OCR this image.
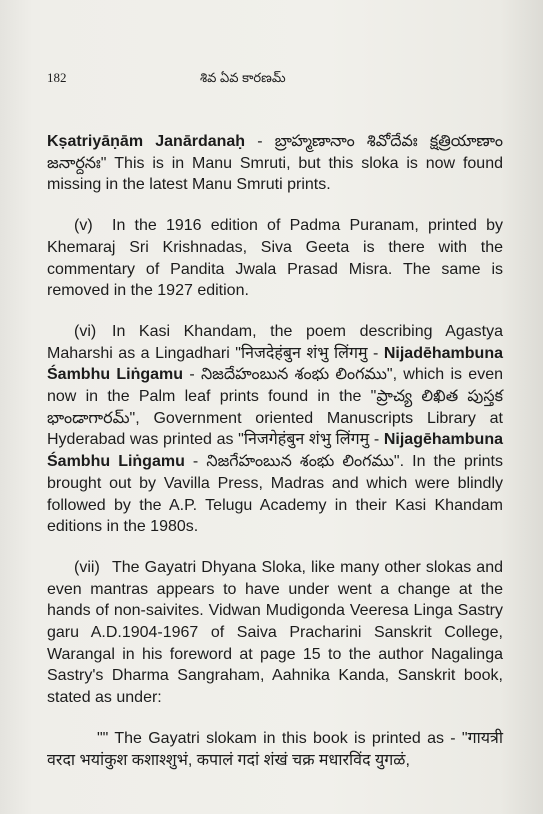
182	శివ ఏవ కారణమ్

Kṣatriyāṇām Janārdanaḥ - బ్రాహ్మణానాం శివోదేవః క్షత్రియాణాం జనార్దనః" This is in Manu Smruti, but this sloka is now found missing in the latest Manu Smruti prints.

(v) In the 1916 edition of Padma Puranam, printed by Khemaraj Sri Krishnadas, Siva Geeta is there with the commentary of Pandita Jwala Prasad Misra. The same is removed in the 1927 edition.

(vi) In Kasi Khandam, the poem describing Agastya Maharshi as a Lingadhari "निजदेहंबुन शंभु लिंगमु - Nijadēhambuna Śambhu Liṅgamu - నిజదేహంబున శంభు లింగము", which is even now in the Palm leaf prints found in the "ప్రాచ్య లిఖిత పుస్తక భాండాగారమ్", Government oriented Manuscripts Library at Hyderabad was printed as "निजगेहंबुन शंभु लिंगमु - Nijagēhambuna Śambhu Liṅgamu - నిజగేహంబున శంభు లింగము". In the prints brought out by Vavilla Press, Madras and which were blindly followed by the A.P. Telugu Academy in their Kasi Khandam editions in the 1980s.

(vii) The Gayatri Dhyana Sloka, like many other slokas and even mantras appears to have under went a change at the hands of non-saivites. Vidwan Mudigonda Veeresa Linga Sastry garu A.D.1904-1967 of Saiva Pracharini Sanskrit College, Warangal in his foreword at page 15 to the author Nagalinga Sastry's Dharma Sangraham, Aahnika Kanda, Sanskrit book, stated as under:

"" The Gayatri slokam in this book is printed as - "गायत्री वरदा भयांकुश कशाश्शुभं, कपालं गदां शंखं चक्र मधारविंद युगळं,
